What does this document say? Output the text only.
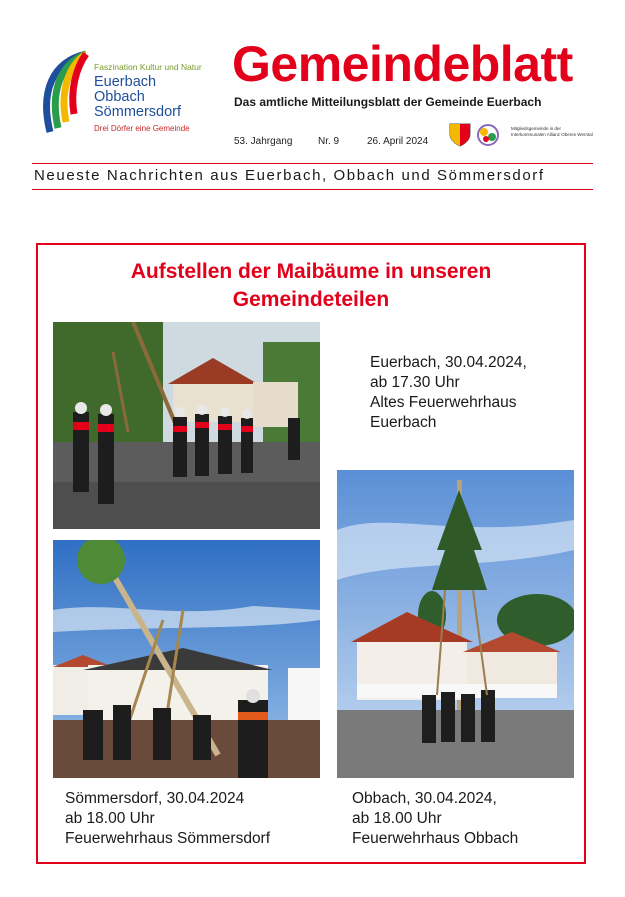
Faszination Kultur und Natur
Euerbach
Obbach
Sömmersdorf
Drei Dörfer eine Gemeinde
Gemeindeblatt
Das amtliche Mitteilungsblatt der Gemeinde Euerbach
53. Jahrgang	Nr. 9	26. April 2024
Mitgliedsgemeinde in der Interkommunalen Allianz Oberes Werntal
Neueste Nachrichten aus Euerbach, Obbach und Sömmersdorf
Aufstellen der Maibäume in unseren
Gemeindeteilen
Euerbach, 30.04.2024,
ab 17.30 Uhr
Altes Feuerwehrhaus
Euerbach
Sömmersdorf, 30.04.2024
ab 18.00 Uhr
Feuerwehrhaus Sömmersdorf
Obbach, 30.04.2024,
ab 18.00 Uhr
Feuerwehrhaus Obbach
